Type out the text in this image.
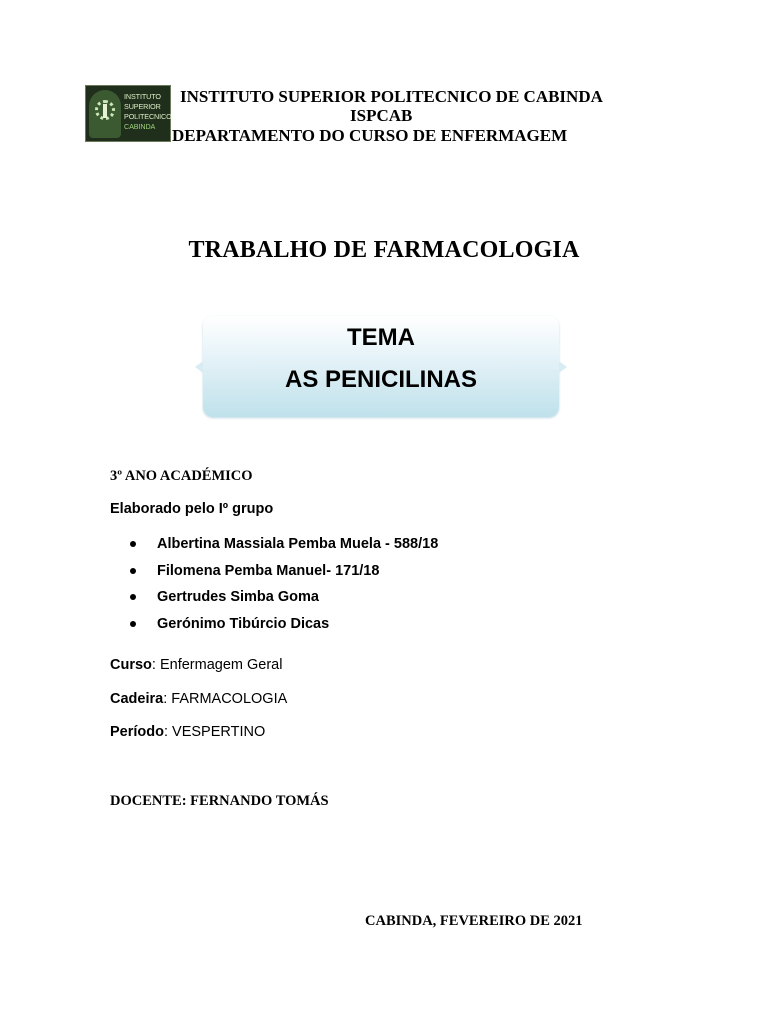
INSTITUTO
SUPERIOR
POLITECNICO
CABINDA
INSTITUTO SUPERIOR POLITECNICO DE CABINDA
ISPCAB
DEPARTAMENTO DO CURSO DE ENFERMAGEM
TRABALHO DE FARMACOLOGIA
TEMA
AS PENICILINAS
3º ANO ACADÉMICO
Elaborado pelo Iº grupo
Albertina Massiala Pemba Muela - 588/18
Filomena Pemba Manuel- 171/18
Gertrudes Simba Goma
Gerónimo Tibúrcio Dicas
Curso: Enfermagem Geral
Cadeira: FARMACOLOGIA
Período: VESPERTINO
DOCENTE: FERNANDO TOMÁS
CABINDA, FEVEREIRO DE 2021
